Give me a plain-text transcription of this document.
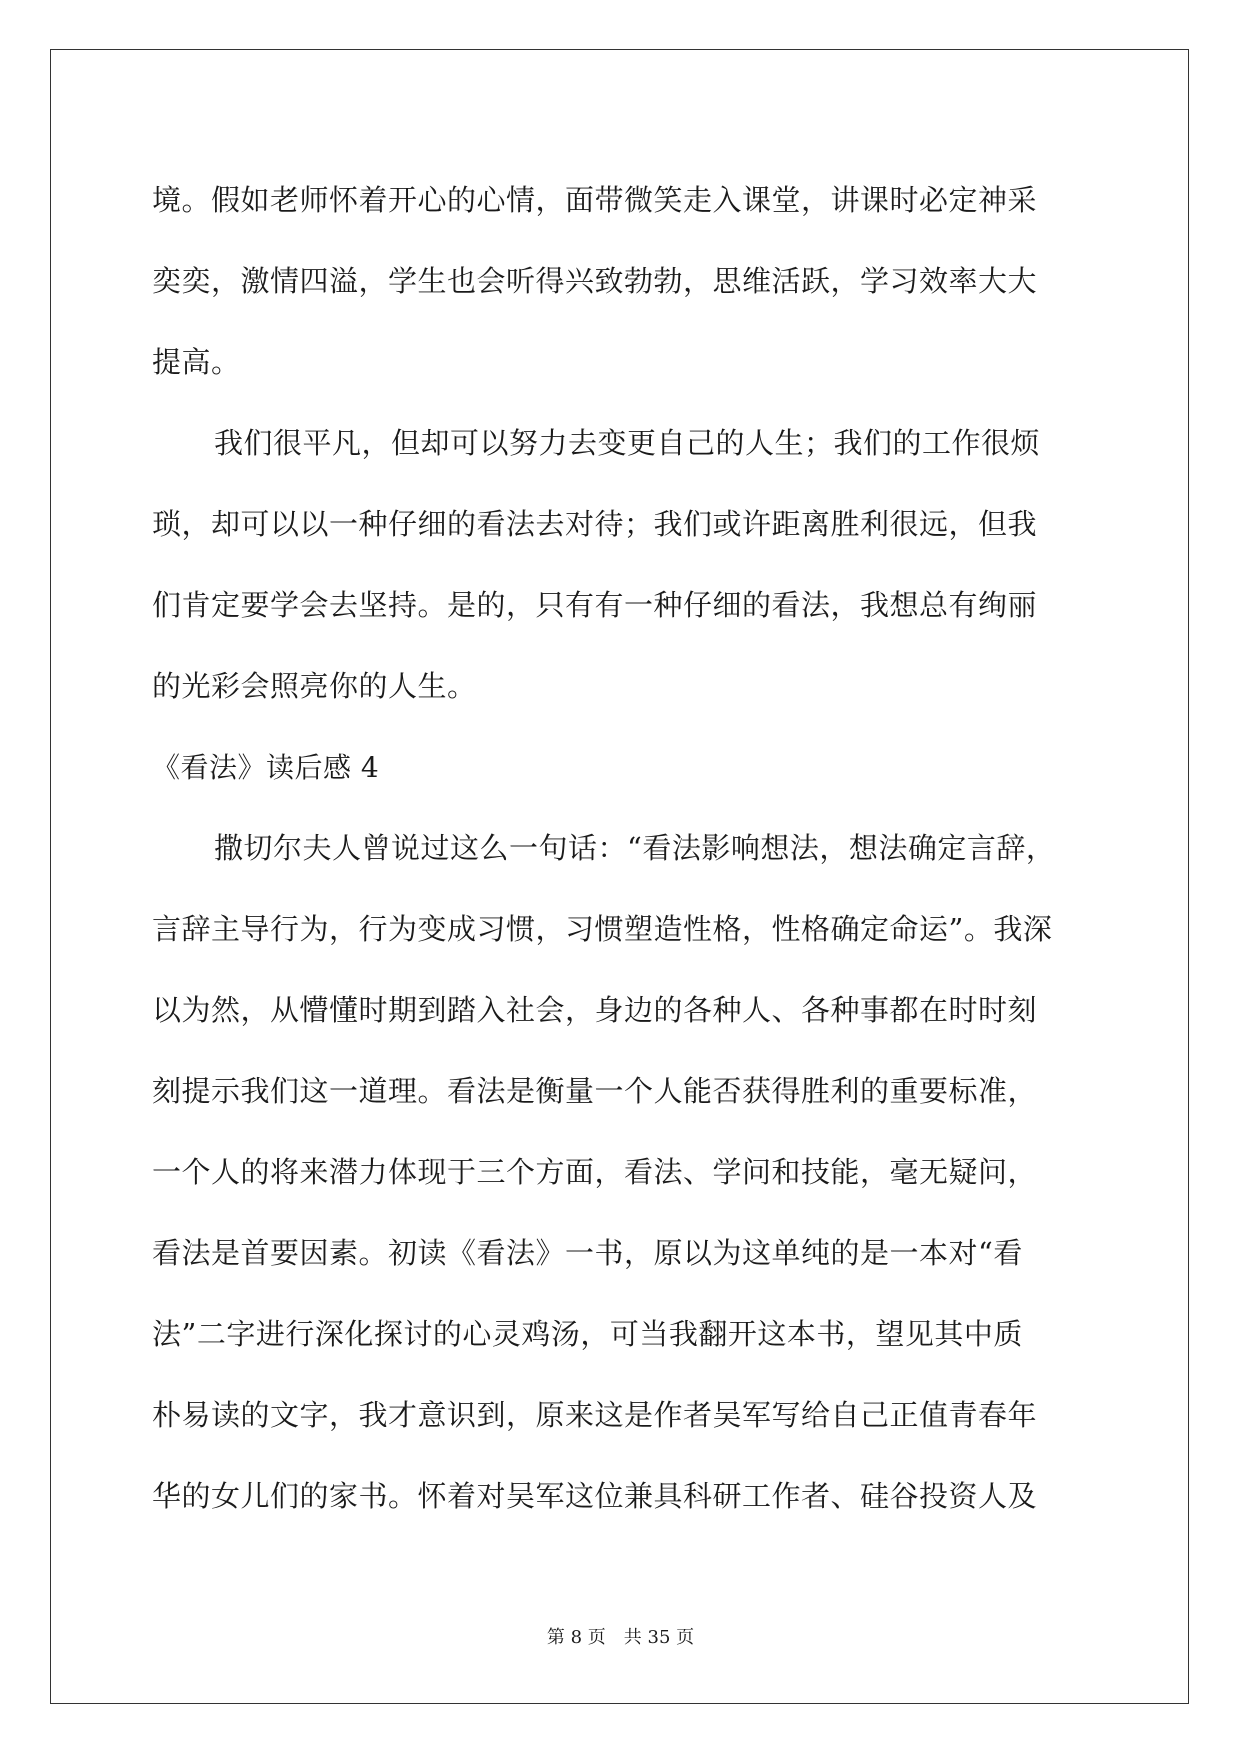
境。假如老师怀着开心的心情，面带微笑走入课堂，讲课时必定神采
奕奕，激情四溢，学生也会听得兴致勃勃，思维活跃，学习效率大大
提高。
我们很平凡，但却可以努力去变更自己的人生；我们的工作很烦
琐，却可以以一种仔细的看法去对待；我们或许距离胜利很远，但我
们肯定要学会去坚持。是的，只有有一种仔细的看法，我想总有绚丽
的光彩会照亮你的人生。
《看法》读后感 4
撒切尔夫人曾说过这么一句话：“看法影响想法，想法确定言辞，
言辞主导行为，行为变成习惯，习惯塑造性格，性格确定命运”。我深
以为然，从懵懂时期到踏入社会，身边的各种人、各种事都在时时刻
刻提示我们这一道理。看法是衡量一个人能否获得胜利的重要标准，
一个人的将来潜力体现于三个方面，看法、学问和技能，毫无疑问，
看法是首要因素。初读《看法》一书，原以为这单纯的是一本对“看
法”二字进行深化探讨的心灵鸡汤，可当我翻开这本书，望见其中质
朴易读的文字，我才意识到，原来这是作者吴军写给自己正值青春年
华的女儿们的家书。怀着对吴军这位兼具科研工作者、硅谷投资人及
第 8 页 共 35 页
